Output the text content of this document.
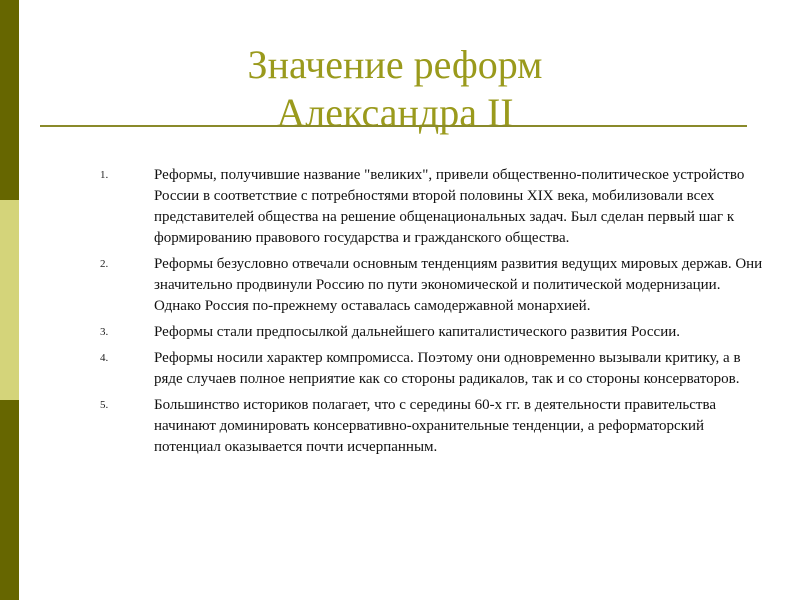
Значение реформ
Александра II
1.	Реформы, получившие название "великих", привели общественно-политическое устройство России в соответствие с потребностями второй половины XIX века, мобилизовали всех представителей общества на решение общенациональных задач. Был сделан первый шаг к формированию правового государства и гражданского общества.
2.	Реформы безусловно отвечали основным тенденциям развития ведущих мировых держав. Они значительно продвинули Россию по пути экономической и политической модернизации. Однако Россия по-прежнему оставалась самодержавной монархией.
3.	Реформы стали предпосылкой дальнейшего капиталистического развития России.
4.	Реформы носили характер компромисса. Поэтому они одновременно вызывали критику, а в ряде случаев полное неприятие как со стороны радикалов, так и со стороны консерваторов.
5.	Большинство историков полагает, что с середины 60-х гг. в деятельности правительства начинают доминировать консервативно-охранительные тенденции, а реформаторский потенциал оказывается почти исчерпанным.
